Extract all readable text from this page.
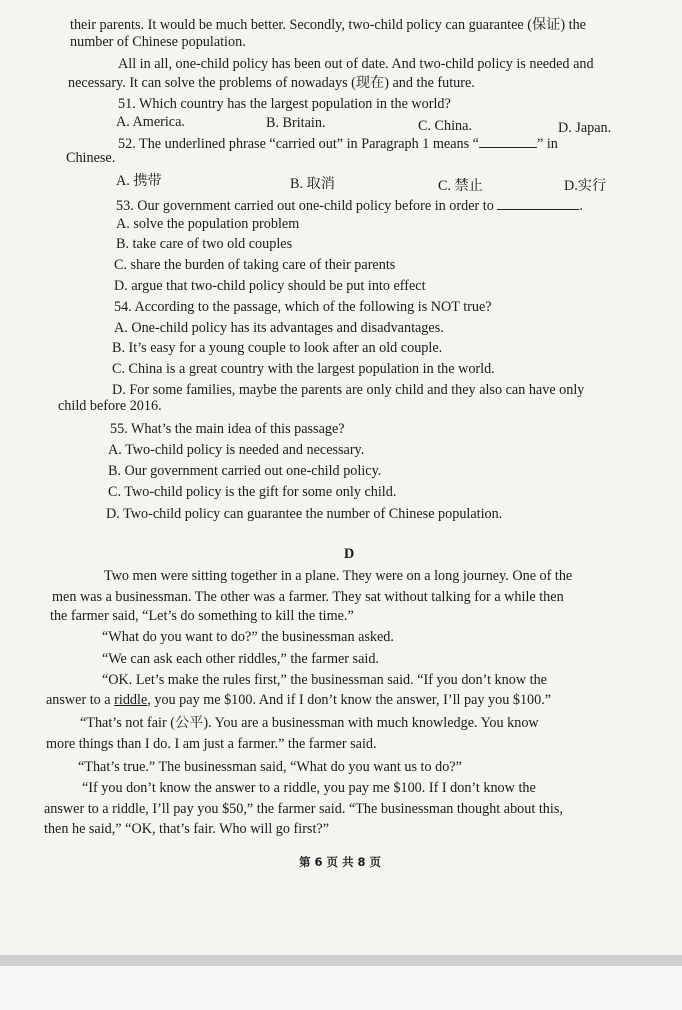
their parents. It would be much better. Secondly, two-child policy can guarantee (保证) the

number of Chinese population.

All in all, one-child policy has been out of date. And two-child policy is needed and

necessary. It can solve the problems of nowadays (现在) and the future.

51. Which country has the largest population in the world?

A. America.	B. Britain.	C. China.	D. Japan.

52. The underlined phrase “carried out” in Paragraph 1 means “	” in

Chinese.

A. 携带	B. 取消	C. 禁止	D.实行

53. Our government carried out one-child policy before in order to	.

A. solve the population problem

B. take care of two old couples

C. share the burden of taking care of their parents

D. argue that two-child policy should be put into effect

54. According to the passage, which of the following is NOT true?

A. One-child policy has its advantages and disadvantages.

B. It’s easy for a young couple to look after an old couple.

C. China is a great country with the largest population in the world.

D. For some families, maybe the parents are only child and they also can have only

child before 2016.

55. What’s the main idea of this passage?

A. Two-child policy is needed and necessary.

B. Our government carried out one-child policy.

C. Two-child policy is the gift for some only child.

D. Two-child policy can guarantee the number of Chinese population.

D

Two men were sitting together in a plane. They were on a long journey. One of the

men was a businessman. The other was a farmer. They sat without talking for a while then

the farmer said, “Let’s do something to kill the time.”

“What do you want to do?” the businessman asked.

“We can ask each other riddles,” the farmer said.

“OK. Let’s make the rules first,” the businessman said. “If you don’t know the

answer to a riddle, you pay me $100. And if I don’t know the answer, I’ll pay you $100.”

“That’s not fair (公平). You are a businessman with much knowledge. You know

more things than I do. I am just a farmer.” the farmer said.

“That’s true.” The businessman said, “What do you want us to do?”

“If you don’t know the answer to a riddle, you pay me $100. If I don’t know the

answer to a riddle, I’ll pay you $50,” the farmer said. “The businessman thought about this,

then he said,” “OK, that’s fair. Who will go first?”

第 6 页 共 8 页
